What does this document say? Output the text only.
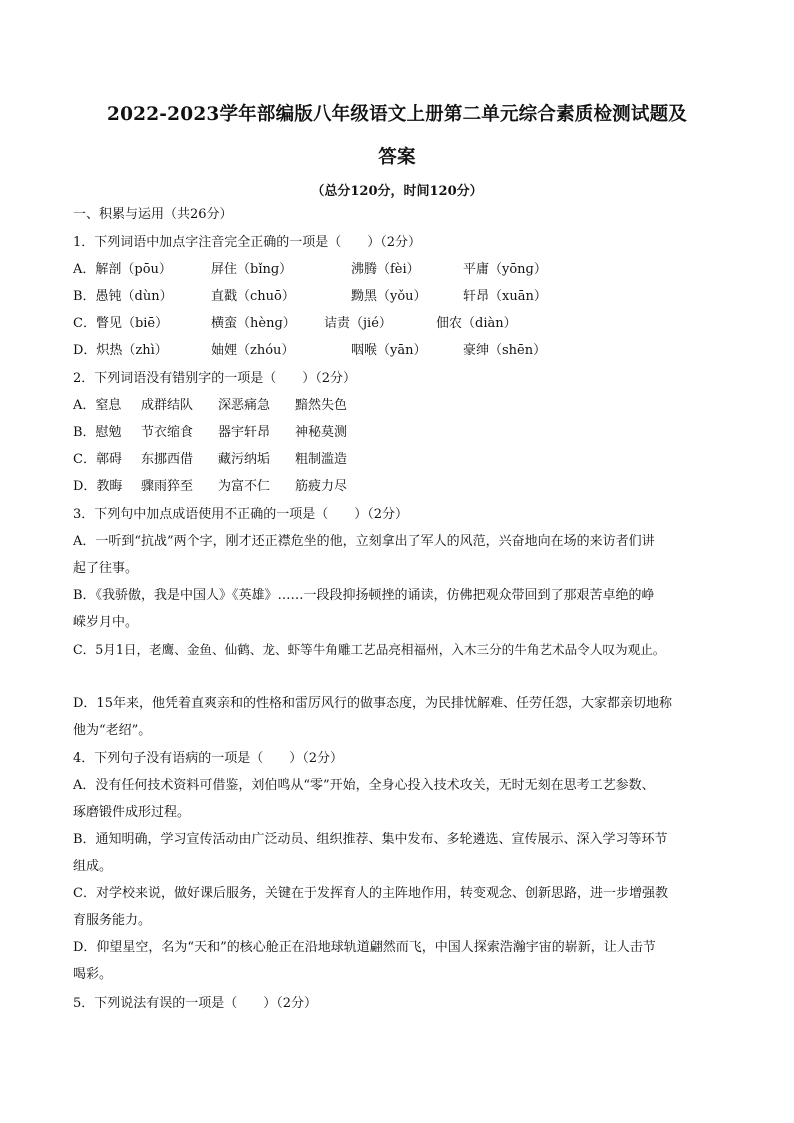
2022-2023学年部编版八年级语文上册第二单元综合素质检测试题及
答案
（总分120分，时间120分）
一、积累与运用（共26分）
1．下列词语中加点字注音完全正确的一项是（　　）（2分）
A．解剖（pōu）	屏住（bǐnɡ）	沸腾（fèi）	平庸（yōnɡ）
B．愚钝（dùn）	直戳（chuō）	黝黑（yǒu）	轩昂（xuān）
C．瞥见（biē）	横蛮（hènɡ） 诘责（jié）	佃农（diàn）
D．炽热（zhì）	妯娌（zhóu）	咽喉（yān）	豪绅（shēn）
2．下列词语没有错别字的一项是（　　）（2分）
A．窒息 成群结队 深恶痛急 黯然失色
B．慰勉 节衣缩食 器宇轩昂 神秘莫测
C．鄣碍 东挪西借 藏污纳垢 粗制滥造
D．教晦 骤雨猝至 为富不仁 筋疲力尽
3．下列句中加点成语使用不正确的一项是（　　）（2分）
A．一听到“抗战”两个字，刚才还正襟危坐的他，立刻拿出了军人的风范，兴奋地向在场的来访者们讲
起了往事。
B．《我骄傲，我是中国人》《英雄》……一段段抑扬顿挫的诵读，仿佛把观众带回到了那艰苦卓绝的峥
嵘岁月中。
C．5月1日，老鹰、金鱼、仙鹤、龙、虾等牛角雕工艺品亮相福州，入木三分的牛角艺术品令人叹为观止。
D．15年来，他凭着直爽亲和的性格和雷厉风行的做事态度，为民排忧解难、任劳任怨，大家都亲切地称
他为“老绍”。
4．下列句子没有语病的一项是（　　）（2分）
A．没有任何技术资料可借鉴，刘伯鸣从“零”开始，全身心投入技术攻关，无时无刻在思考工艺参数、
琢磨锻件成形过程。
B．通知明确，学习宣传活动由广泛动员、组织推荐、集中发布、多轮遴选、宣传展示、深入学习等环节
组成。
C．对学校来说，做好课后服务，关键在于发挥育人的主阵地作用，转变观念、创新思路，进一步增强教
育服务能力。
D．仰望星空，名为“天和”的核心舱正在沿地球轨道翩然而飞，中国人探索浩瀚宇宙的崭新，让人击节
喝彩。
5．下列说法有误的一项是（　　）（2分）
